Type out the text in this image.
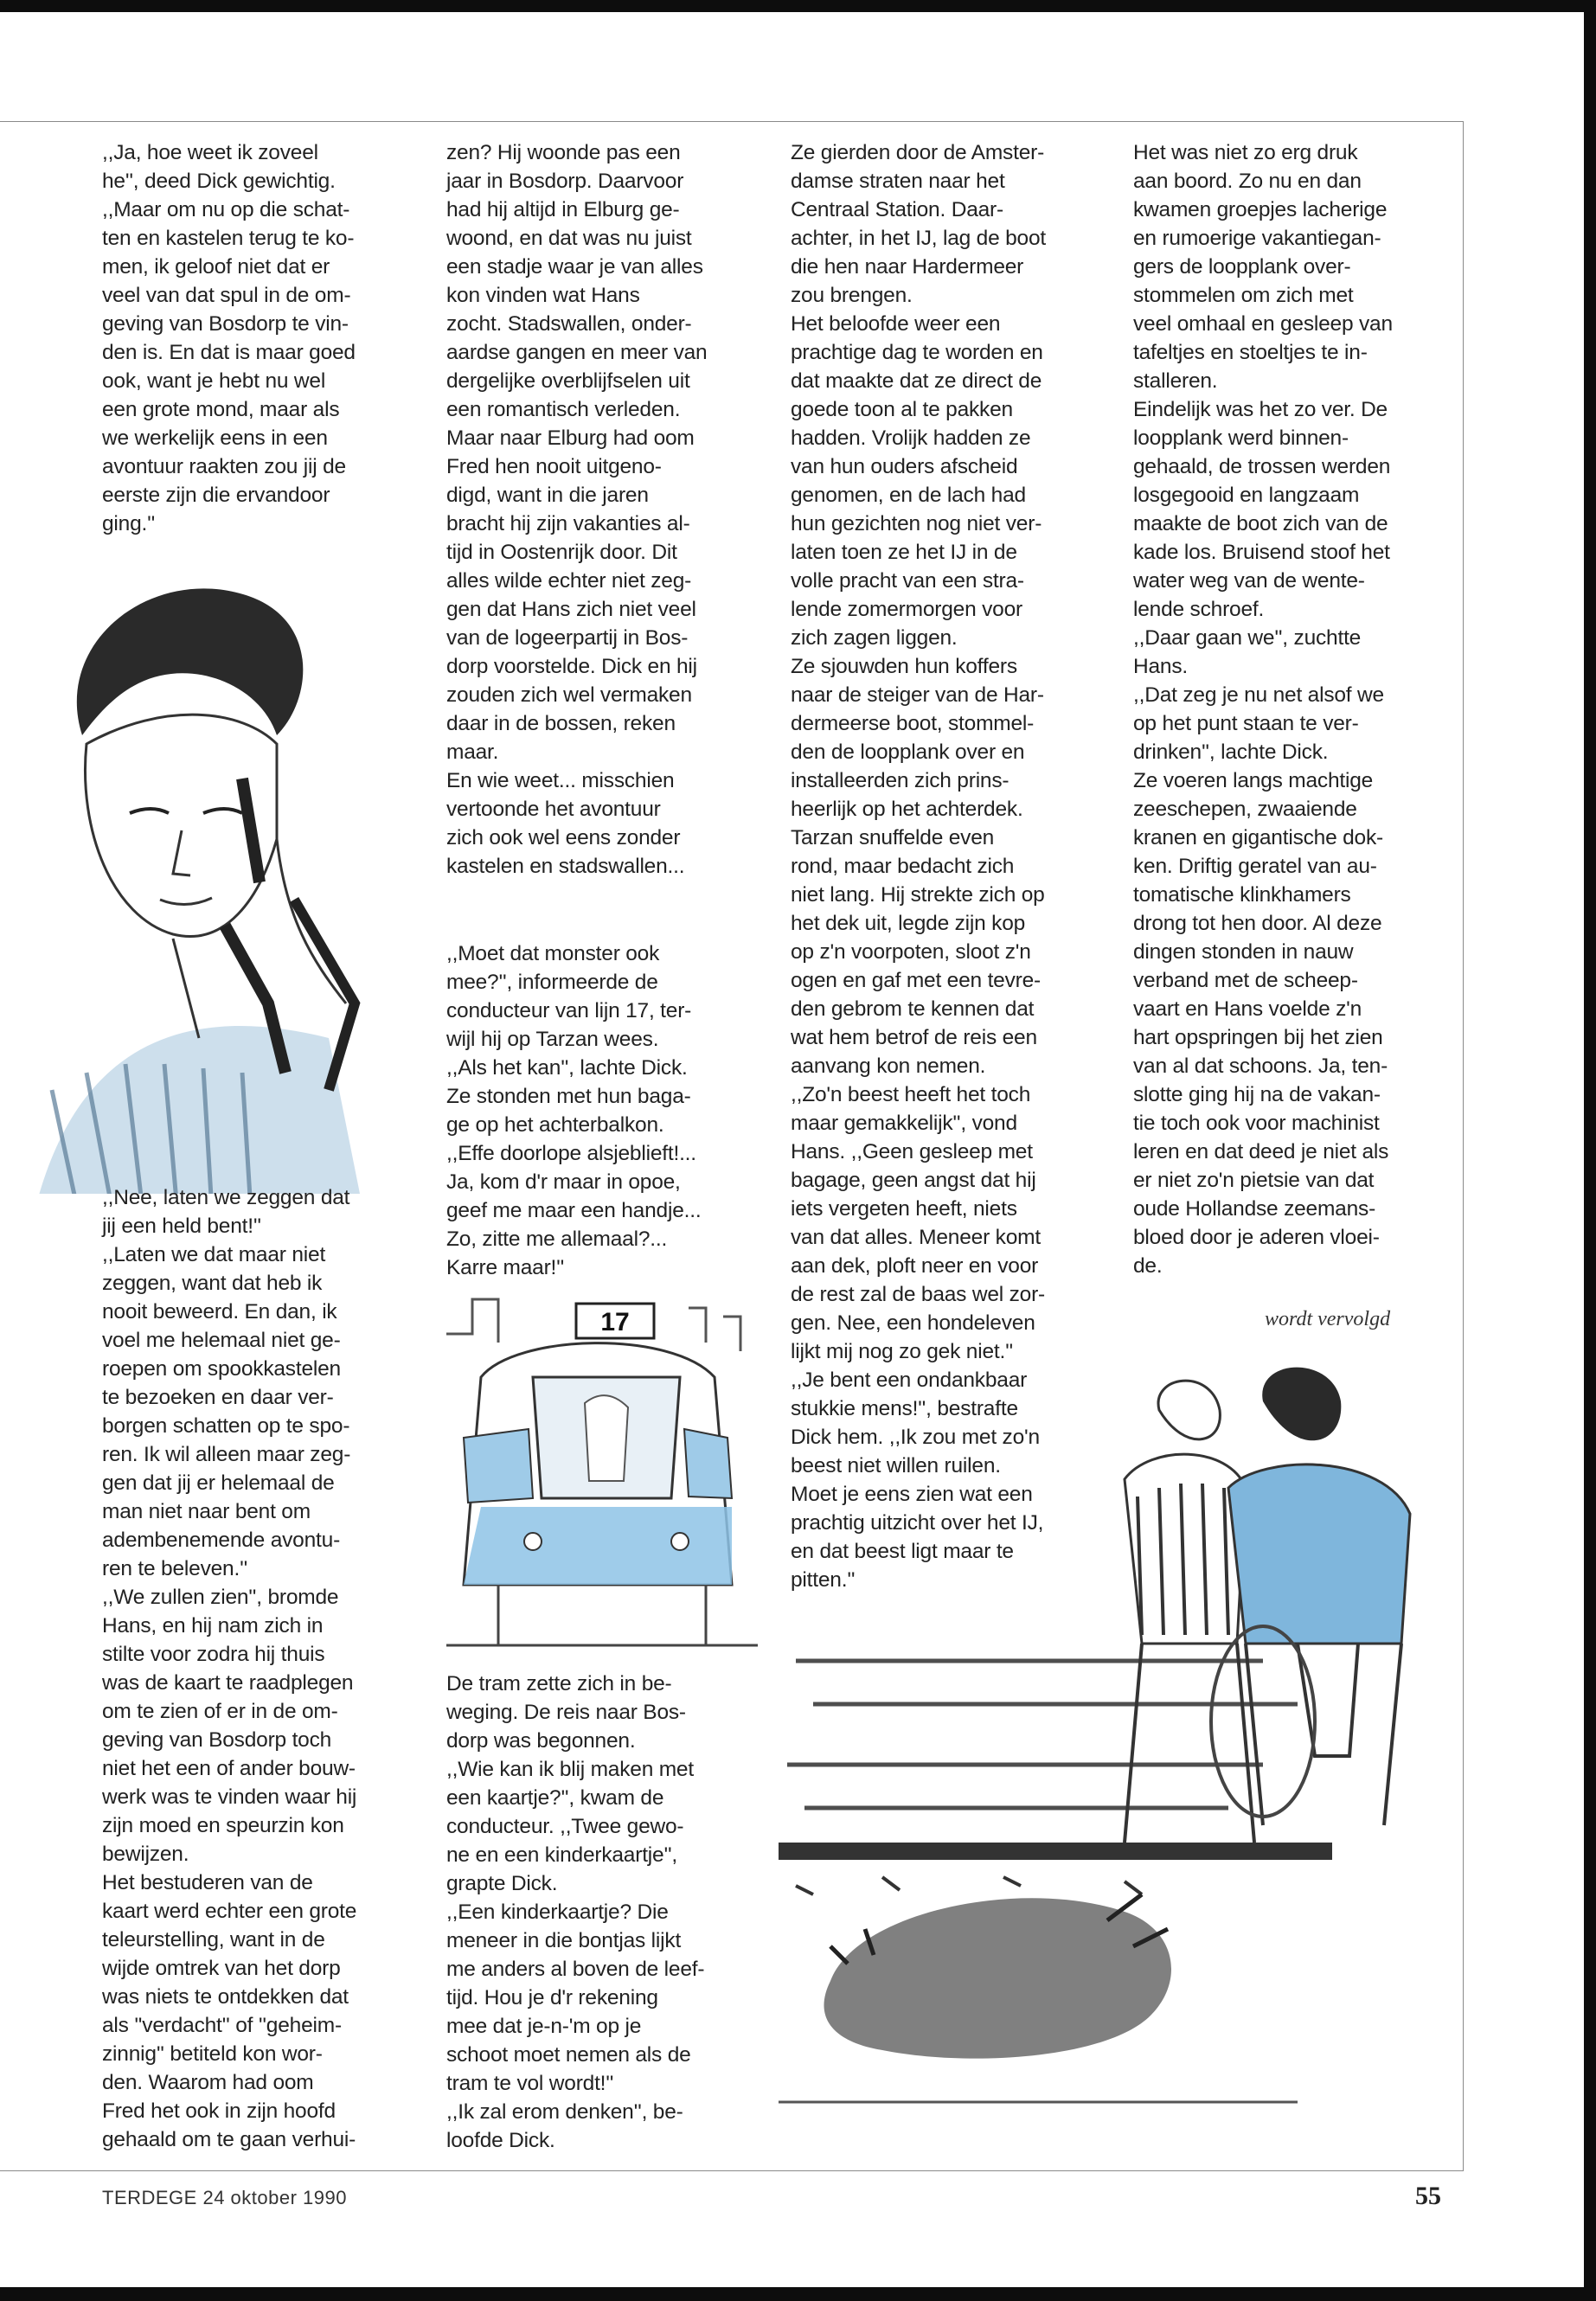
,,Ja, hoe weet ik zoveel
he'', deed Dick gewichtig.
,,Maar om nu op die schat-
ten en kastelen terug te ko-
men, ik geloof niet dat er
veel van dat spul in de om-
geving van Bosdorp te vin-
den is. En dat is maar goed
ook, want je hebt nu wel
een grote mond, maar als
we werkelijk eens in een
avontuur raakten zou jij de
eerste zijn die ervandoor
ging.''
,,Nee, laten we zeggen dat
jij een held bent!''
,,Laten we dat maar niet
zeggen, want dat heb ik
nooit beweerd. En dan, ik
voel me helemaal niet ge-
roepen om spookkastelen
te bezoeken en daar ver-
borgen schatten op te spo-
ren. Ik wil alleen maar zeg-
gen dat jij er helemaal de
man niet naar bent om
adembenemende avontu-
ren te beleven.''
,,We zullen zien'', bromde
Hans, en hij nam zich in
stilte voor zodra hij thuis
was de kaart te raadplegen
om te zien of er in de om-
geving van Bosdorp toch
niet het een of ander bouw-
werk was te vinden waar hij
zijn moed en speurzin kon
bewijzen.
Het bestuderen van de
kaart werd echter een grote
teleurstelling, want in de
wijde omtrek van het dorp
was niets te ontdekken dat
als ''verdacht'' of ''geheim-
zinnig'' betiteld kon wor-
den. Waarom had oom
Fred het ook in zijn hoofd
gehaald om te gaan verhui-
zen? Hij woonde pas een
jaar in Bosdorp. Daarvoor
had hij altijd in Elburg ge-
woond, en dat was nu juist
een stadje waar je van alles
kon vinden wat Hans
zocht. Stadswallen, onder-
aardse gangen en meer van
dergelijke overblijfselen uit
een romantisch verleden.
Maar naar Elburg had oom
Fred hen nooit uitgeno-
digd, want in die jaren
bracht hij zijn vakanties al-
tijd in Oostenrijk door. Dit
alles wilde echter niet zeg-
gen dat Hans zich niet veel
van de logeerpartij in Bos-
dorp voorstelde. Dick en hij
zouden zich wel vermaken
daar in de bossen, reken
maar.
En wie weet... misschien
vertoonde het avontuur
zich ook wel eens zonder
kastelen en stadswallen...
,,Moet dat monster ook
mee?'', informeerde de
conducteur van lijn 17, ter-
wijl hij op Tarzan wees.
,,Als het kan'', lachte Dick.
Ze stonden met hun baga-
ge op het achterbalkon.
,,Effe doorlope alsjeblieft!...
Ja, kom d'r maar in opoe,
geef me maar een handje...
Zo, zitte me allemaal?...
Karre maar!''
17
De tram zette zich in be-
weging. De reis naar Bos-
dorp was begonnen.
,,Wie kan ik blij maken met
een kaartje?'', kwam de
conducteur. ,,Twee gewo-
ne en een kinderkaartje'',
grapte Dick.
,,Een kinderkaartje? Die
meneer in die bontjas lijkt
me anders al boven de leef-
tijd. Hou je d'r rekening
mee dat je-n-'m op je
schoot moet nemen als de
tram te vol wordt!''
,,Ik zal erom denken'', be-
loofde Dick.
Ze gierden door de Amster-
damse straten naar het
Centraal Station. Daar-
achter, in het IJ, lag de boot
die hen naar Hardermeer
zou brengen.
Het beloofde weer een
prachtige dag te worden en
dat maakte dat ze direct de
goede toon al te pakken
hadden. Vrolijk hadden ze
van hun ouders afscheid
genomen, en de lach had
hun gezichten nog niet ver-
laten toen ze het IJ in de
volle pracht van een stra-
lende zomermorgen voor
zich zagen liggen.
Ze sjouwden hun koffers
naar de steiger van de Har-
dermeerse boot, stommel-
den de loopplank over en
installeerden zich prins-
heerlijk op het achterdek.
Tarzan snuffelde even
rond, maar bedacht zich
niet lang. Hij strekte zich op
het dek uit, legde zijn kop
op z'n voorpoten, sloot z'n
ogen en gaf met een tevre-
den gebrom te kennen dat
wat hem betrof de reis een
aanvang kon nemen.
,,Zo'n beest heeft het toch
maar gemakkelijk'', vond
Hans. ,,Geen gesleep met
bagage, geen angst dat hij
iets vergeten heeft, niets
van dat alles. Meneer komt
aan dek, ploft neer en voor
de rest zal de baas wel zor-
gen. Nee, een hondeleven
lijkt mij nog zo gek niet.''
,,Je bent een ondankbaar
stukkie mens!'', bestrafte
Dick hem. ,,Ik zou met zo'n
beest niet willen ruilen.
Moet je eens zien wat een
prachtig uitzicht over het IJ,
en dat beest ligt maar te
pitten.''
Het was niet zo erg druk
aan boord. Zo nu en dan
kwamen groepjes lacherige
en rumoerige vakantiegan-
gers de loopplank over-
stommelen om zich met
veel omhaal en gesleep van
tafeltjes en stoeltjes te in-
stalleren.
Eindelijk was het zo ver. De
loopplank werd binnen-
gehaald, de trossen werden
losgegooid en langzaam
maakte de boot zich van de
kade los. Bruisend stoof het
water weg van de wente-
lende schroef.
,,Daar gaan we'', zuchtte
Hans.
,,Dat zeg je nu net alsof we
op het punt staan te ver-
drinken'', lachte Dick.
Ze voeren langs machtige
zeeschepen, zwaaiende
kranen en gigantische dok-
ken. Driftig geratel van au-
tomatische klinkhamers
drong tot hen door. Al deze
dingen stonden in nauw
verband met de scheep-
vaart en Hans voelde z'n
hart opspringen bij het zien
van al dat schoons. Ja, ten-
slotte ging hij na de vakan-
tie toch ook voor machinist
leren en dat deed je niet als
er niet zo'n pietsie van dat
oude Hollandse zeemans-
bloed door je aderen vloei-
de.
wordt vervolgd
TERDEGE 24 oktober 1990	55
